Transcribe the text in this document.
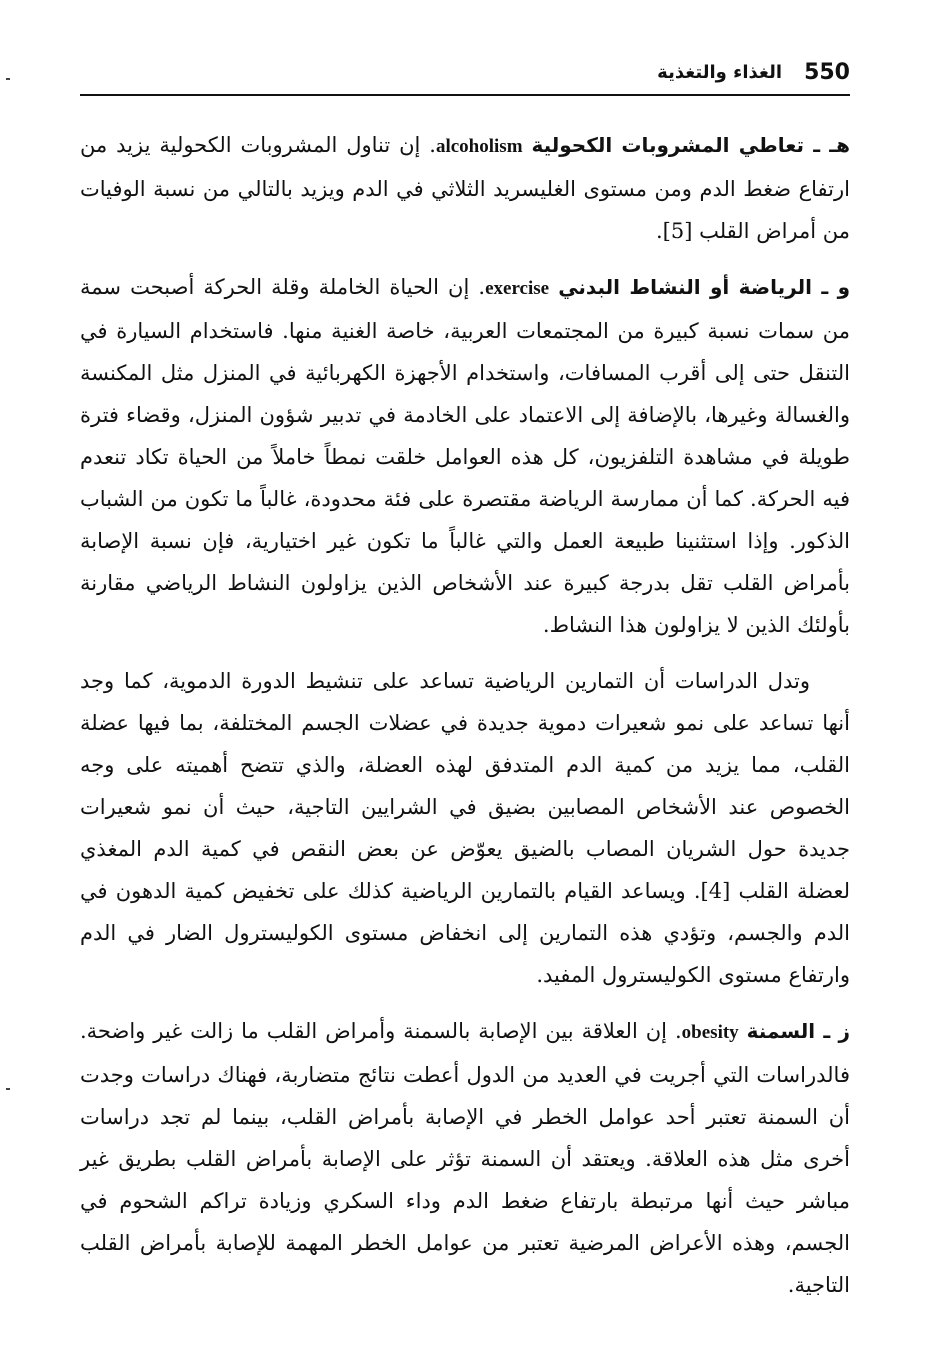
550
الغذاء والتغذية

هـ ـ تعاطي المشروبات الكحولية alcoholism. إن تناول المشروبات الكحولية يزيد من ارتفاع ضغط الدم ومن مستوى الغليسريد الثلاثي في الدم ويزيد بالتالي من نسبة الوفيات من أمراض القلب [5].

و ـ الرياضة أو النشاط البدني exercise. إن الحياة الخاملة وقلة الحركة أصبحت سمة من سمات نسبة كبيرة من المجتمعات العربية، خاصة الغنية منها. فاستخدام السيارة في التنقل حتى إلى أقرب المسافات، واستخدام الأجهزة الكهربائية في المنزل مثل المكنسة والغسالة وغيرها، بالإضافة إلى الاعتماد على الخادمة في تدبير شؤون المنزل، وقضاء فترة طويلة في مشاهدة التلفزيون، كل هذه العوامل خلقت نمطاً خاملاً من الحياة تكاد تنعدم فيه الحركة. كما أن ممارسة الرياضة مقتصرة على فئة محدودة، غالباً ما تكون من الشباب الذكور. وإذا استثنينا طبيعة العمل والتي غالباً ما تكون غير اختيارية، فإن نسبة الإصابة بأمراض القلب تقل بدرجة كبيرة عند الأشخاص الذين يزاولون النشاط الرياضي مقارنة بأولئك الذين لا يزاولون هذا النشاط.

وتدل الدراسات أن التمارين الرياضية تساعد على تنشيط الدورة الدموية، كما وجد أنها تساعد على نمو شعيرات دموية جديدة في عضلات الجسم المختلفة، بما فيها عضلة القلب، مما يزيد من كمية الدم المتدفق لهذه العضلة، والذي تتضح أهميته على وجه الخصوص عند الأشخاص المصابين بضيق في الشرايين التاجية، حيث أن نمو شعيرات جديدة حول الشريان المصاب بالضيق يعوّض عن بعض النقص في كمية الدم المغذي لعضلة القلب [4]. ويساعد القيام بالتمارين الرياضية كذلك على تخفيض كمية الدهون في الدم والجسم، وتؤدي هذه التمارين إلى انخفاض مستوى الكوليسترول الضار في الدم وارتفاع مستوى الكوليسترول المفيد.

ز ـ السمنة obesity. إن العلاقة بين الإصابة بالسمنة وأمراض القلب ما زالت غير واضحة. فالدراسات التي أجريت في العديد من الدول أعطت نتائج متضاربة، فهناك دراسات وجدت أن السمنة تعتبر أحد عوامل الخطر في الإصابة بأمراض القلب، بينما لم تجد دراسات أخرى مثل هذه العلاقة. ويعتقد أن السمنة تؤثر على الإصابة بأمراض القلب بطريق غير مباشر حيث أنها مرتبطة بارتفاع ضغط الدم وداء السكري وزيادة تراكم الشحوم في الجسم، وهذه الأعراض المرضية تعتبر من عوامل الخطر المهمة للإصابة بأمراض القلب التاجية.
